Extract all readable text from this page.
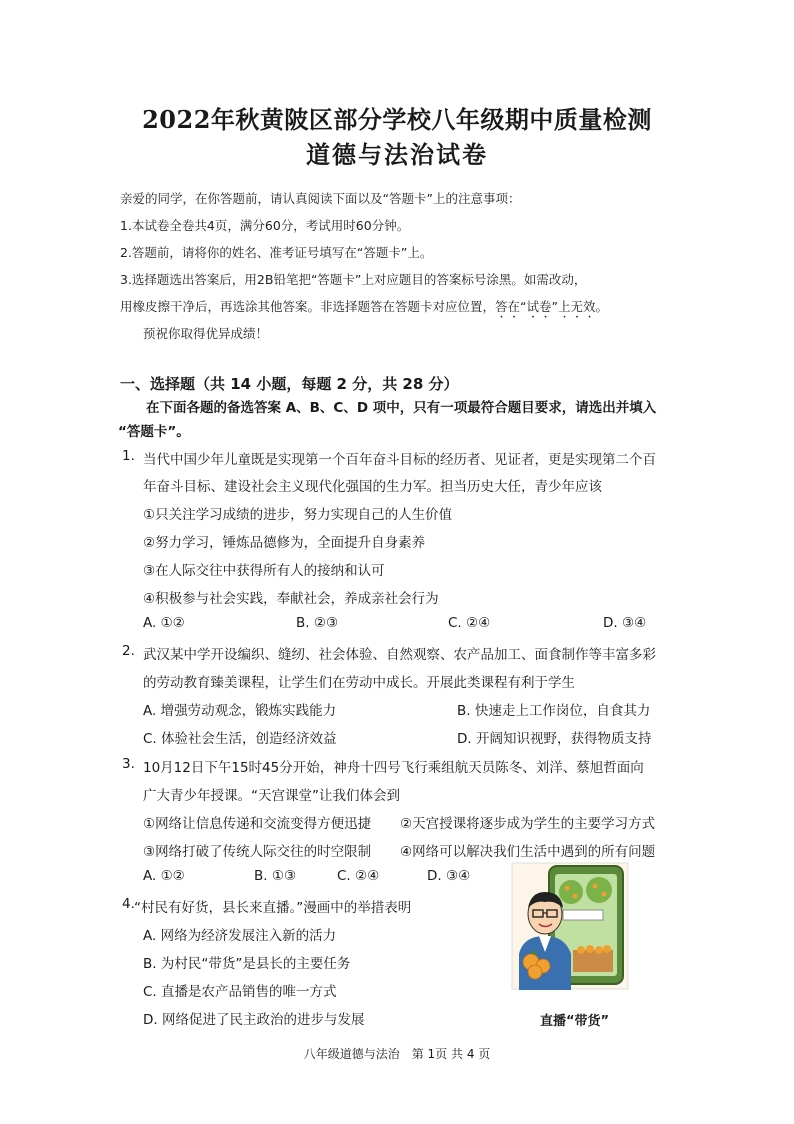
2022年秋黄陂区部分学校八年级期中质量检测
道德与法治试卷
亲爱的同学，在你答题前，请认真阅读下面以及“答题卡”上的注意事项：
1.本试卷全卷共4页，满分60分，考试用时60分钟。
2.答题前，请将你的姓名、准考证号填写在“答题卡”上。
3.选择题选出答案后，用2B铅笔把“答题卡”上对应题目的答案标号涂黑。如需改动，
用橡皮擦干净后，再选涂其他答案。非选择题答在答题卡对应位置，答在“试卷”上无效。
预祝你取得优异成绩！
一、选择题（共 14 小题，每题 2 分，共 28 分）
在下面各题的备选答案 A、B、C、D 项中，只有一项最符合题目要求，请选出并填入
“答题卡”。
1. 当代中国少年儿童既是实现第一个百年奋斗目标的经历者、见证者，更是实现第二个百
年奋斗目标、建设社会主义现代化强国的生力军。担当历史大任，青少年应该
①只关注学习成绩的进步，努力实现自己的人生价值
②努力学习，锤炼品德修为，全面提升自身素养
③在人际交往中获得所有人的接纳和认可
④积极参与社会实践，奉献社会，养成亲社会行为
A. ①②	B. ②③	C. ②④	D. ③④
2. 武汉某中学开设编织、缝纫、社会体验、自然观察、农产品加工、面食制作等丰富多彩
的劳动教育臻美课程，让学生们在劳动中成长。开展此类课程有利于学生
A. 增强劳动观念，锻炼实践能力	B. 快速走上工作岗位，自食其力
C. 体验社会生活，创造经济效益	D. 开阔知识视野，获得物质支持
3. 10月12日下午15时45分开始，神舟十四号飞行乘组航天员陈冬、刘洋、蔡旭哲面向
广大青少年授课。“天宫课堂”让我们体会到
①网络让信息传递和交流变得方便迅捷 ②天宫授课将逐步成为学生的主要学习方式
③网络打破了传统人际交往的时空限制 ④网络可以解决我们生活中遇到的所有问题
A. ①②	B. ①③	C. ②④	D. ③④
4. “村民有好货，县长来直播。”漫画中的举措表明
A. 网络为经济发展注入新的活力
B. 为村民“带货”是县长的主要任务
C. 直播是农产品销售的唯一方式
D. 网络促进了民主政治的进步与发展	直播“带货”
八年级道德与法治　第 1页 共 4 页
